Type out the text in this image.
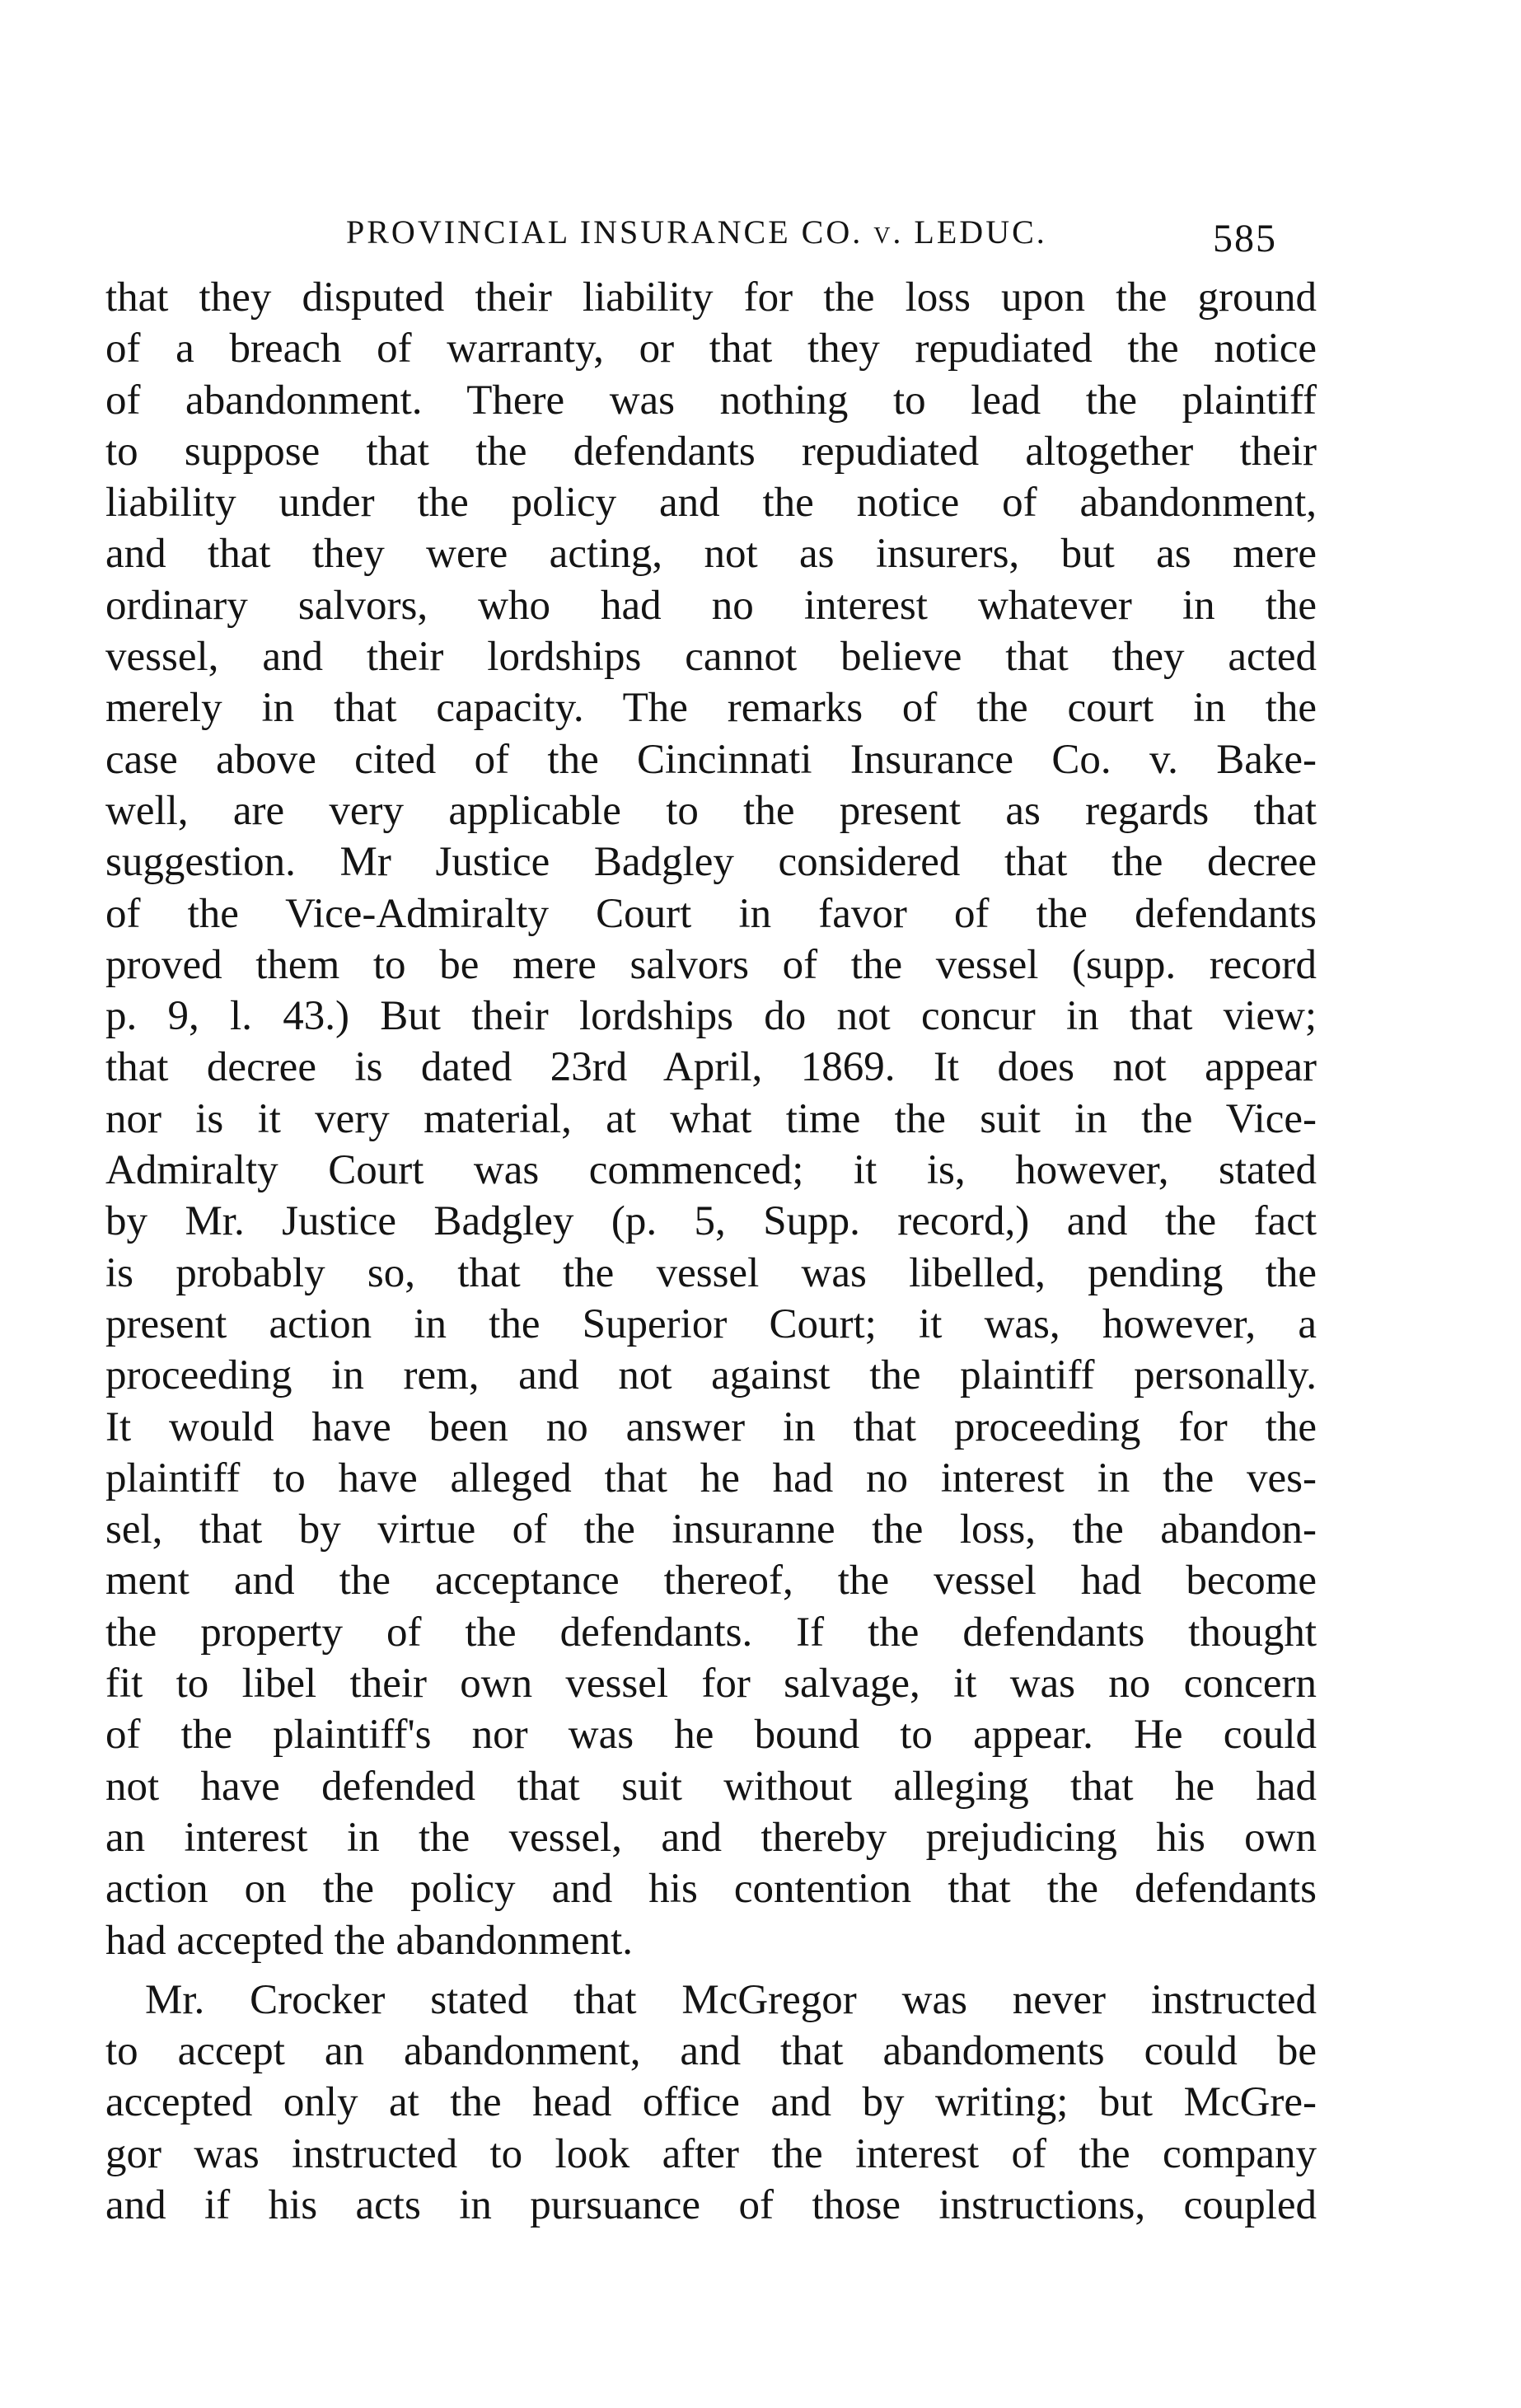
PROVINCIAL INSURANCE CO. v. LEDUC.	585
that they disputed their liability for the loss upon the ground
of a breach of warranty, or that they repudiated the notice
of abandonment. There was nothing to lead the plaintiff
to suppose that the defendants repudiated altogether their
liability under the policy and the notice of abandonment,
and that they were acting, not as insurers, but as mere
ordinary salvors, who had no interest whatever in the
vessel, and their lordships cannot believe that they acted
merely in that capacity. The remarks of the court in the
case above cited of the Cincinnati Insurance Co. v. Bake-
well, are very applicable to the present as regards that
suggestion. Mr Justice Badgley considered that the decree
of the Vice-Admiralty Court in favor of the defendants
proved them to be mere salvors of the vessel (supp. record
p. 9, l. 43.) But their lordships do not concur in that view;
that decree is dated 23rd April, 1869. It does not appear
nor is it very material, at what time the suit in the Vice-
Admiralty Court was commenced; it is, however, stated
by Mr. Justice Badgley (p. 5, Supp. record,) and the fact
is probably so, that the vessel was libelled, pending the
present action in the Superior Court; it was, however, a
proceeding in rem, and not against the plaintiff personally.
It would have been no answer in that proceeding for the
plaintiff to have alleged that he had no interest in the ves-
sel, that by virtue of the insuranne the loss, the abandon-
ment and the acceptance thereof, the vessel had become
the property of the defendants. If the defendants thought
fit to libel their own vessel for salvage, it was no concern
of the plaintiff's nor was he bound to appear. He could
not have defended that suit without alleging that he had
an interest in the vessel, and thereby prejudicing his own
action on the policy and his contention that the defendants
had accepted the abandonment.
Mr. Crocker stated that McGregor was never instructed
to accept an abandonment, and that abandoments could be
accepted only at the head office and by writing; but McGre-
gor was instructed to look after the interest of the company
and if his acts in pursuance of those instructions, coupled
